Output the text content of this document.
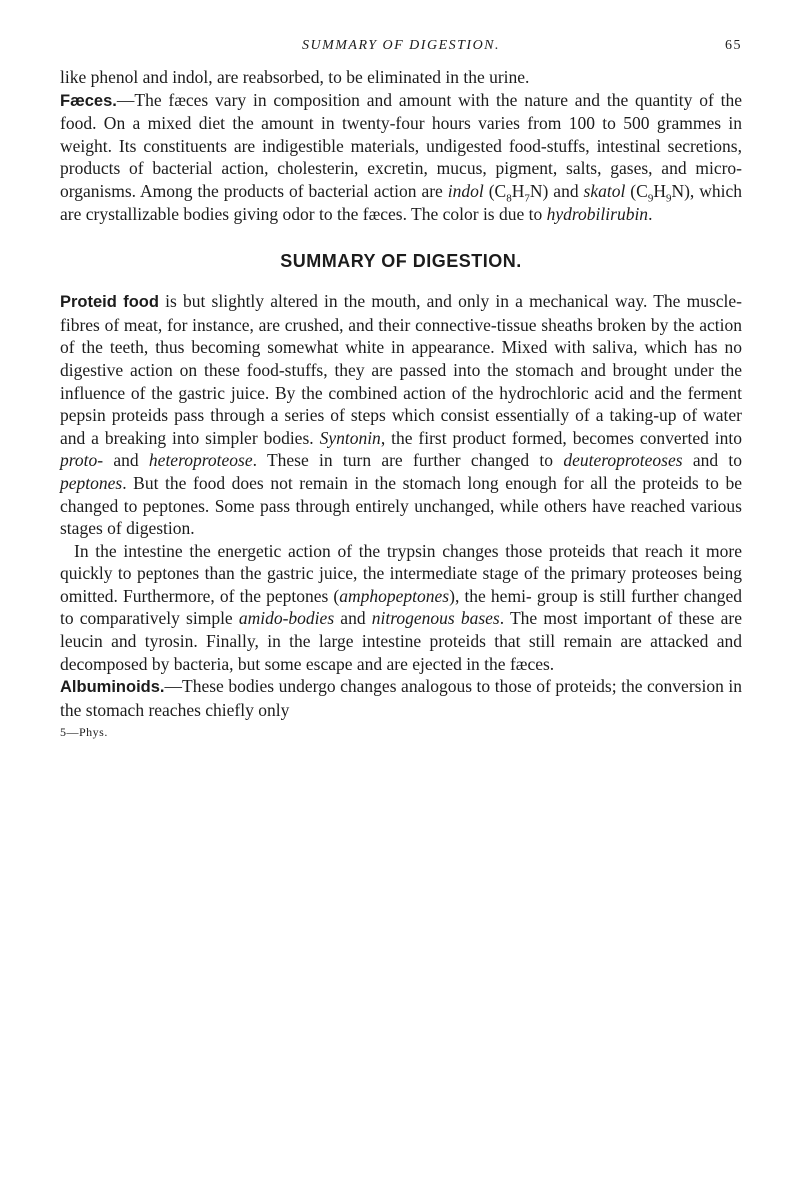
SUMMARY OF DIGESTION.	65

like phenol and indol, are reabsorbed, to be eliminated in the urine.

Fæces.—The fæces vary in composition and amount with the nature and the quantity of the food. On a mixed diet the amount in twenty-four hours varies from 100 to 500 grammes in weight. Its constituents are indigestible materials, undigested food-stuffs, intestinal secretions, products of bacterial action, cholesterin, excretin, mucus, pigment, salts, gases, and micro-organisms. Among the products of bacterial action are indol $(C_8H_7N)$ and skatol $(C_9H_9N)$, which are crystallizable bodies giving odor to the fæces. The color is due to hydrobilirubin.

SUMMARY OF DIGESTION.

Proteid food is but slightly altered in the mouth, and only in a mechanical way. The muscle-fibres of meat, for instance, are crushed, and their connective-tissue sheaths broken by the action of the teeth, thus becoming somewhat white in appearance. Mixed with saliva, which has no digestive action on these food-stuffs, they are passed into the stomach and brought under the influence of the gastric juice. By the combined action of the hydrochloric acid and the ferment pepsin proteids pass through a series of steps which consist essentially of a taking-up of water and a breaking into simpler bodies. Syntonin, the first product formed, becomes converted into proto- and heteroproteose. These in turn are further changed to deuteroproteoses and to peptones. But the food does not remain in the stomach long enough for all the proteids to be changed to peptones. Some pass through entirely unchanged, while others have reached various stages of digestion.

In the intestine the energetic action of the trypsin changes those proteids that reach it more quickly to peptones than the gastric juice, the intermediate stage of the primary proteoses being omitted. Furthermore, of the peptones (amphopeptones), the hemi- group is still further changed to comparatively simple amido-bodies and nitrogenous bases. The most important of these are leucin and tyrosin. Finally, in the large intestine proteids that still remain are attacked and decomposed by bacteria, but some escape and are ejected in the fæces.

Albuminoids.—These bodies undergo changes analogous to those of proteids; the conversion in the stomach reaches chiefly only

5—Phys.
